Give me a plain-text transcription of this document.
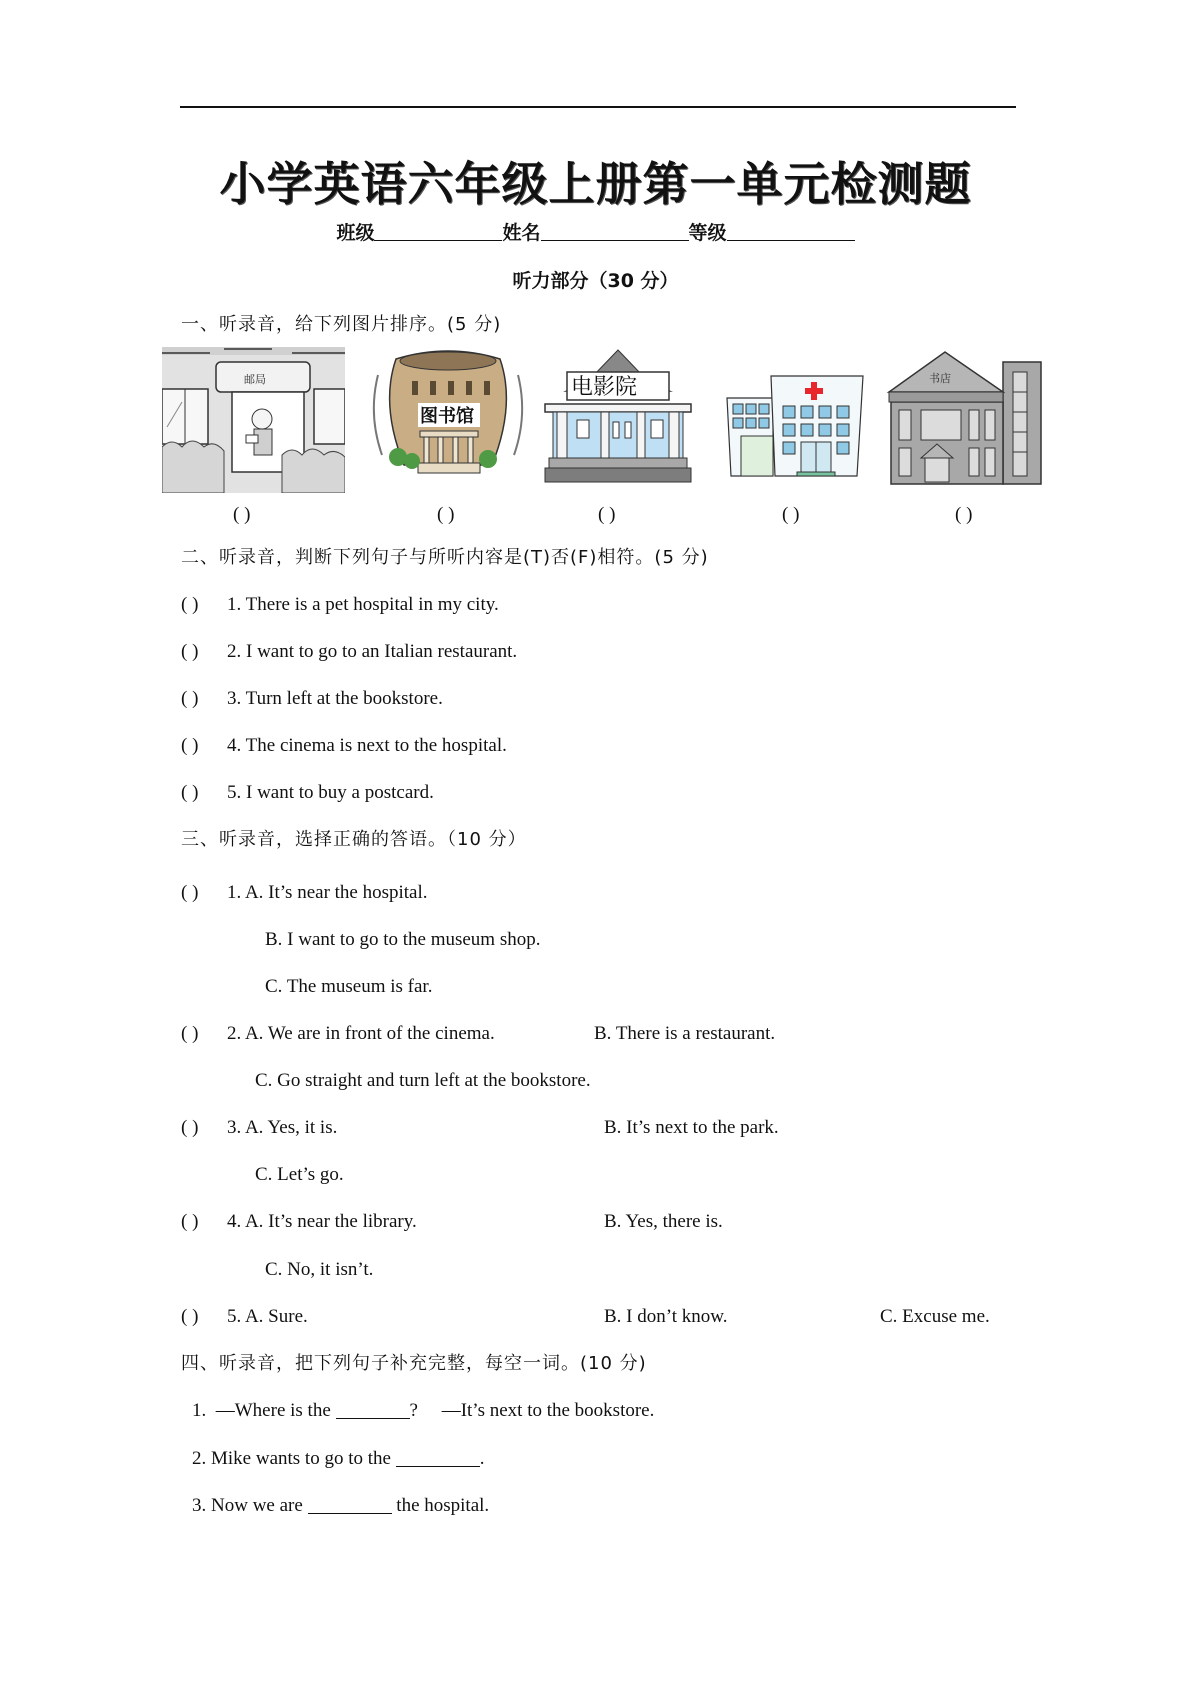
小学英语六年级上册第一单元检测题
班级	姓名	等级
听力部分（30 分）
一、听录音，给下列图片排序。(5 分)
邮局
图书馆
电影院	书店
( )	( )	( )	( )	( )
二、听录音，判断下列句子与所听内容是(T)否(F)相符。(5 分)
( ) 1. There is a pet hospital in my city.
( ) 2. I want to go to an Italian restaurant.
( ) 3. Turn left at the bookstore.
( ) 4. The cinema is next to the hospital.
( ) 5. I want to buy a postcard.
三、听录音，选择正确的答语。（10 分）
( ) 1. A. It’s near the hospital.
B. I want to go to the museum shop.
C. The museum is far.
( ) 2. A. We are in front of the cinema.	B. There is a restaurant.
C. Go straight and turn left at the bookstore.
( ) 3. A. Yes, it is.	B. It’s next to the park.
C. Let’s go.
( ) 4. A. It’s near the library.	B. Yes, there is.
C. No, it isn’t.
( ) 5. A. Sure.	B. I don’t know.	C. Excuse me.
四、听录音，把下列句子补充完整，每空一词。(10 分)
1.  —Where is the	?     —It’s next to the bookstore.
2. Mike wants to go to the	.
3. Now we are	the hospital.
